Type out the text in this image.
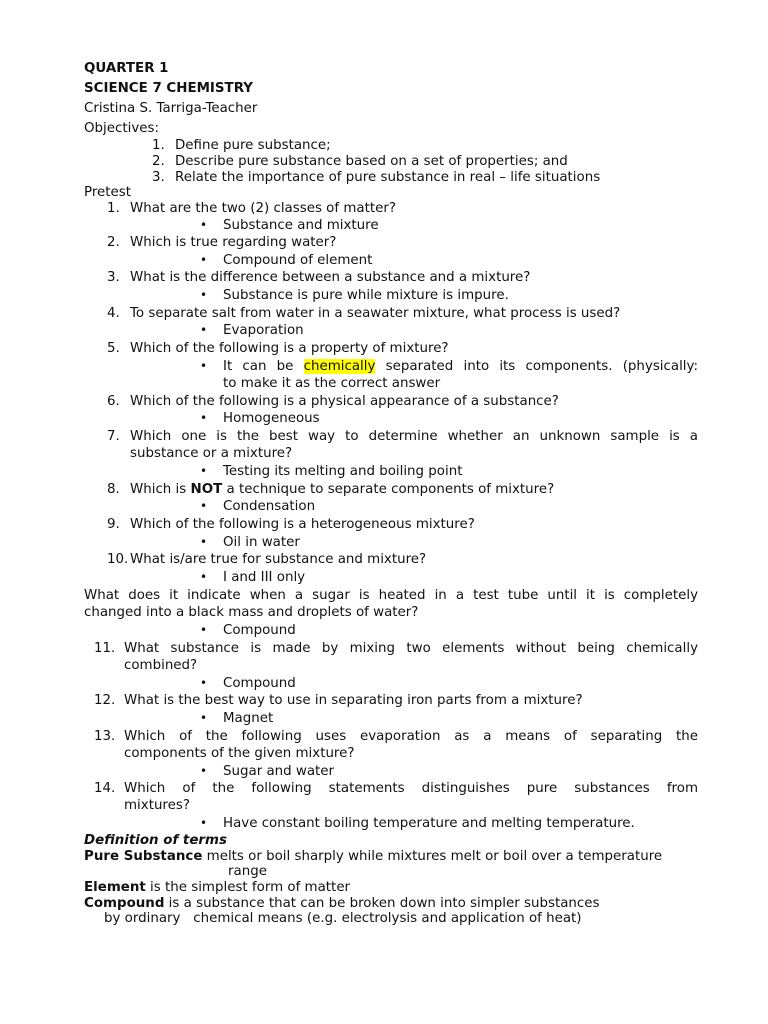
QUARTER 1
SCIENCE 7 CHEMISTRY
Cristina S. Tarriga-Teacher
Objectives:
1. Define pure substance;
2. Describe pure substance based on a set of properties; and
3. Relate the importance of pure substance in real – life situations
Pretest
1. What are the two (2) classes of matter?
• Substance and mixture
2. Which is true regarding water?
• Compound of element
3. What is the difference between a substance and a mixture?
• Substance is pure while mixture is impure.
4. To separate salt from water in a seawater mixture, what process is used?
• Evaporation
5. Which of the following is a property of mixture?
• It can be chemically separated into its components. (physically:
to make it as the correct answer
6. Which of the following is a physical appearance of a substance?
• Homogeneous
7. Which one is the best way to determine whether an unknown sample is a
substance or a mixture?
• Testing its melting and boiling point
8. Which is NOT a technique to separate components of mixture?
• Condensation
9. Which of the following is a heterogeneous mixture?
• Oil in water
10. What is/are true for substance and mixture?
• I and III only
What does it indicate when a sugar is heated in a test tube until it is completely
changed into a black mass and droplets of water?
• Compound
11. What substance is made by mixing two elements without being chemically
combined?
• Compound
12. What is the best way to use in separating iron parts from a mixture?
• Magnet
13. Which of the following uses evaporation as a means of separating the
components of the given mixture?
• Sugar and water
14. Which of the following statements distinguishes pure substances from
mixtures?
• Have constant boiling temperature and melting temperature.
Definition of terms
Pure Substance melts or boil sharply while mixtures melt or boil over a temperature
range
Element is the simplest form of matter
Compound is a substance that can be broken down into simpler substances
by ordinary   chemical means (e.g. electrolysis and application of heat)
